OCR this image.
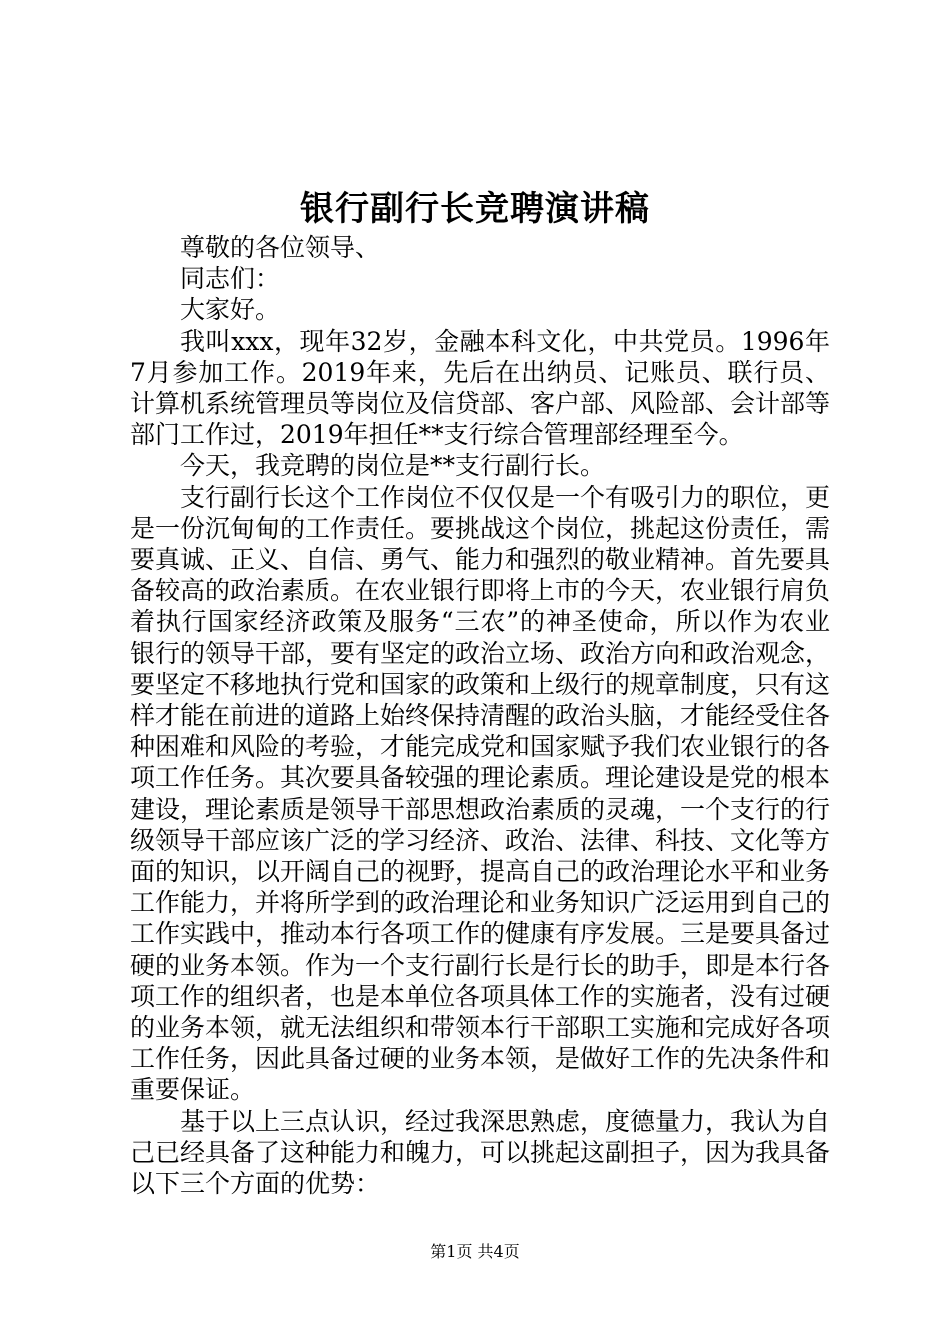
银行副行长竞聘演讲稿

尊敬的各位领导、

同志们：

大家好。

我叫xxx，现年32岁，金融本科文化，中共党员。1996年7月参加工作。2019年来，先后在出纳员、记账员、联行员、计算机系统管理员等岗位及信贷部、客户部、风险部、会计部等部门工作过，2019年担任**支行综合管理部经理至今。

今天，我竞聘的岗位是**支行副行长。

支行副行长这个工作岗位不仅仅是一个有吸引力的职位，更是一份沉甸甸的工作责任。要挑战这个岗位，挑起这份责任，需要真诚、正义、自信、勇气、能力和强烈的敬业精神。首先要具备较高的政治素质。在农业银行即将上市的今天，农业银行肩负着执行国家经济政策及服务“三农”的神圣使命，所以作为农业银行的领导干部，要有坚定的政治立场、政治方向和政治观念，要坚定不移地执行党和国家的政策和上级行的规章制度，只有这样才能在前进的道路上始终保持清醒的政治头脑，才能经受住各种困难和风险的考验，才能完成党和国家赋予我们农业银行的各项工作任务。其次要具备较强的理论素质。理论建设是党的根本建设，理论素质是领导干部思想政治素质的灵魂，一个支行的行级领导干部应该广泛的学习经济、政治、法律、科技、文化等方面的知识，以开阔自己的视野，提高自己的政治理论水平和业务工作能力，并将所学到的政治理论和业务知识广泛运用到自己的工作实践中，推动本行各项工作的健康有序发展。三是要具备过硬的业务本领。作为一个支行副行长是行长的助手，即是本行各项工作的组织者，也是本单位各项具体工作的实施者，没有过硬的业务本领，就无法组织和带领本行干部职工实施和完成好各项工作任务，因此具备过硬的业务本领，是做好工作的先决条件和重要保证。

基于以上三点认识，经过我深思熟虑，度德量力，我认为自己已经具备了这种能力和魄力，可以挑起这副担子，因为我具备以下三个方面的优势：

第1页 共4页
